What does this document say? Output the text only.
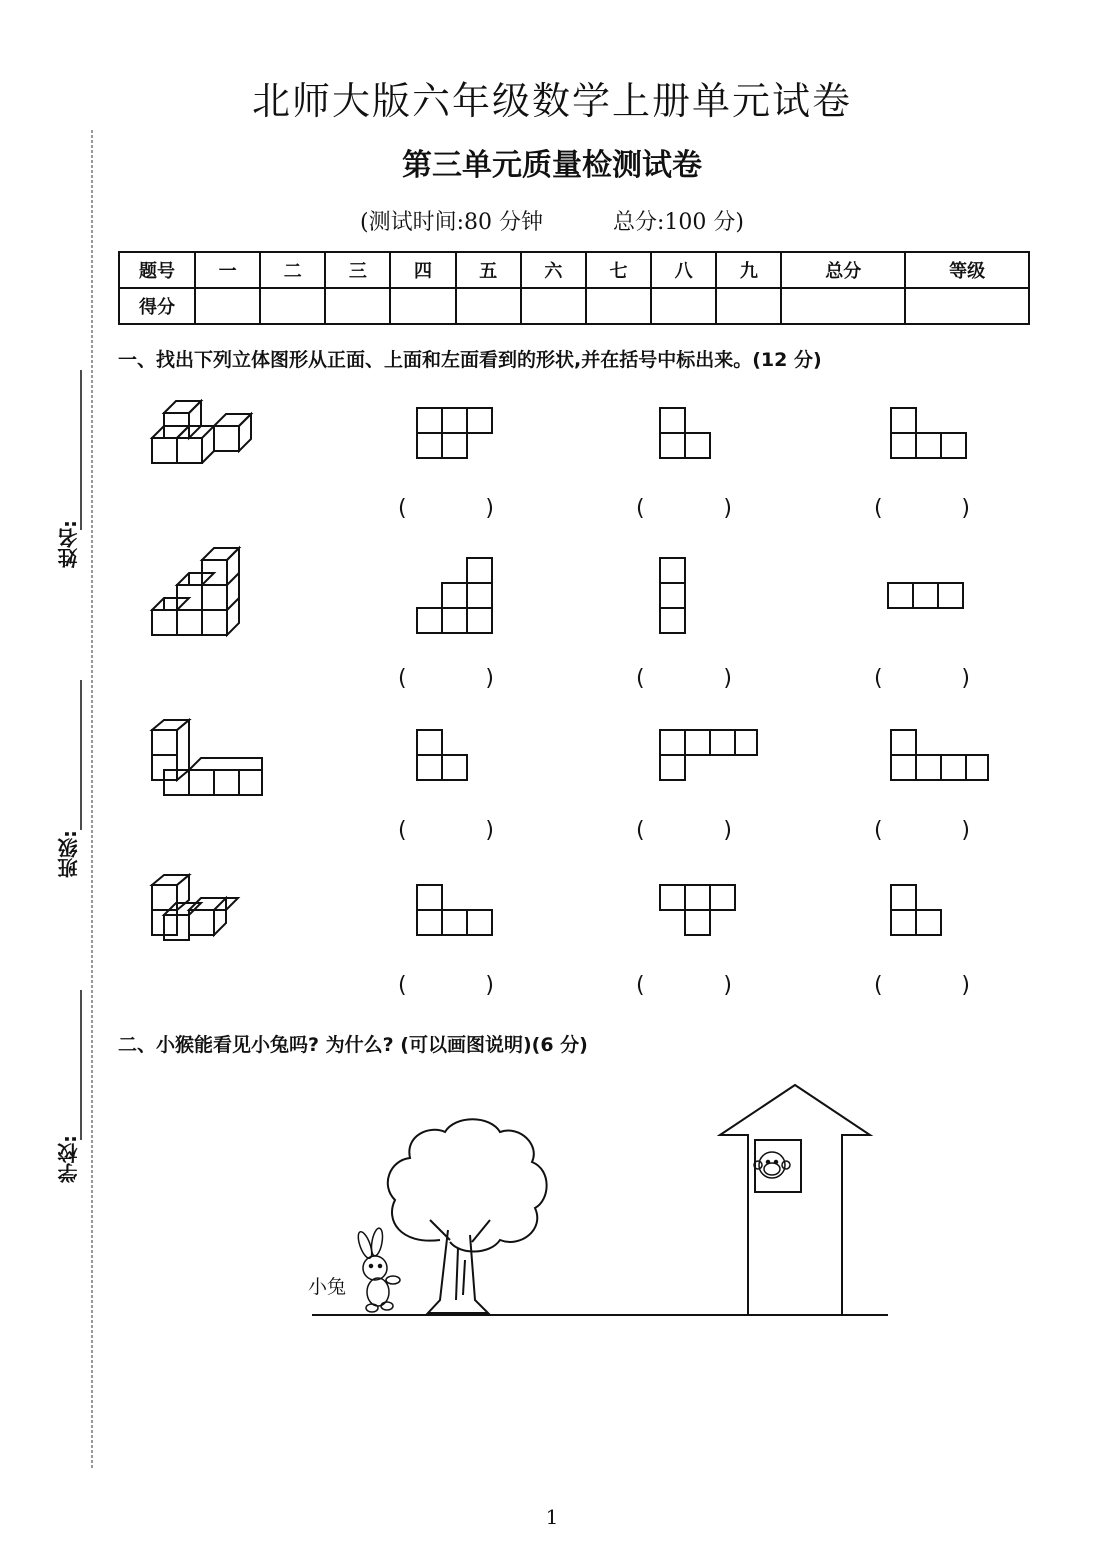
姓名:
班级:
学校:
北师大版六年级数学上册单元试卷
第三单元质量检测试卷
(测试时间:80 分钟	总分:100 分)
题号	一	二	三	四	五	六	七	八	九	总分	等级
得分											
一、找出下列立体图形从正面、上面和左面看到的形状,并在括号中标出来。(12 分)
(	)	(	)	(	)
(	)	(	)	(	)
(	)	(	)	(	)
(	)	(	)	(	)
二、小猴能看见小兔吗? 为什么? (可以画图说明)(6 分)
小兔
1
